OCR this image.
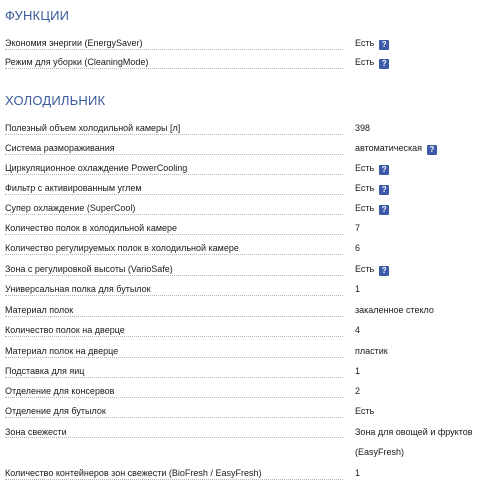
ФУНКЦИИ
Экономия энергии (EnergySaver)	Есть ?
Режим для уборки (CleaningMode)	Есть ?
ХОЛОДИЛЬНИК
Полезный объем холодильной камеры [л]	398
Система размораживания	автоматическая ?
Циркуляционное охлаждение PowerCooling	Есть ?
Фильтр с активированным углем	Есть ?
Супер охлаждение (SuperCool)	Есть ?
Количество полок в холодильной камере	7
Количество регулируемых полок в холодильной камере	6
Зона с регулировкой высоты (VarioSafe)	Есть ?
Универсальная полка для бутылок	1
Материал полок	закаленное стекло
Количество полок на дверце	4
Материал полок на дверце	пластик
Подставка для яиц	1
Отделение для консервов	2
Отделение для бутылок	Есть
Зона свежести	Зона для овощей и фруктов (EasyFresh)
Количество контейнеров зон свежести (BioFresh / EasyFresh)	1
